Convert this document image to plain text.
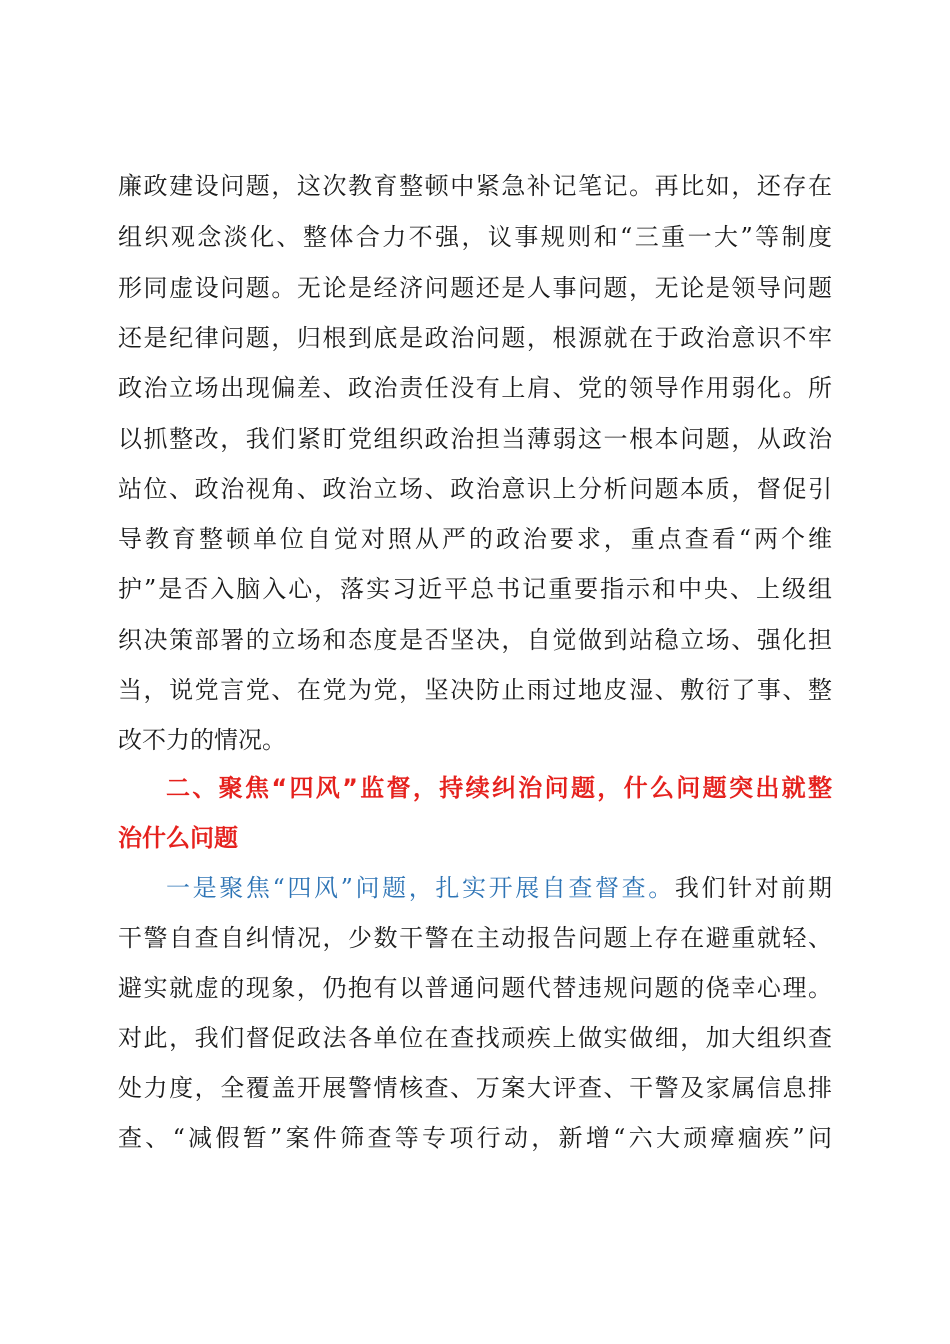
廉政建设问题，这次教育整顿中紧急补记笔记。再比如，还存在
组织观念淡化、整体合力不强，议事规则和“三重一大”等制度
形同虚设问题。无论是经济问题还是人事问题，无论是领导问题
还是纪律问题，归根到底是政治问题，根源就在于政治意识不牢
政治立场出现偏差、政治责任没有上肩、党的领导作用弱化。所
以抓整改，我们紧盯党组织政治担当薄弱这一根本问题，从政治
站位、政治视角、政治立场、政治意识上分析问题本质，督促引
导教育整顿单位自觉对照从严的政治要求，重点查看“两个维
护”是否入脑入心，落实习近平总书记重要指示和中央、上级组
织决策部署的立场和态度是否坚决，自觉做到站稳立场、强化担
当，说党言党、在党为党，坚决防止雨过地皮湿、敷衍了事、整
改不力的情况。
二、聚焦“四风”监督，持续纠治问题，什么问题突出就整
治什么问题
一是聚焦“四风”问题，扎实开展自查督查。我们针对前期
干警自查自纠情况，少数干警在主动报告问题上存在避重就轻、
避实就虚的现象，仍抱有以普通问题代替违规问题的侥幸心理。
对此，我们督促政法各单位在查找顽疾上做实做细，加大组织查
处力度，全覆盖开展警情核查、万案大评查、干警及家属信息排
查、“减假暂”案件筛查等专项行动，新增“六大顽瘴痼疾”问
